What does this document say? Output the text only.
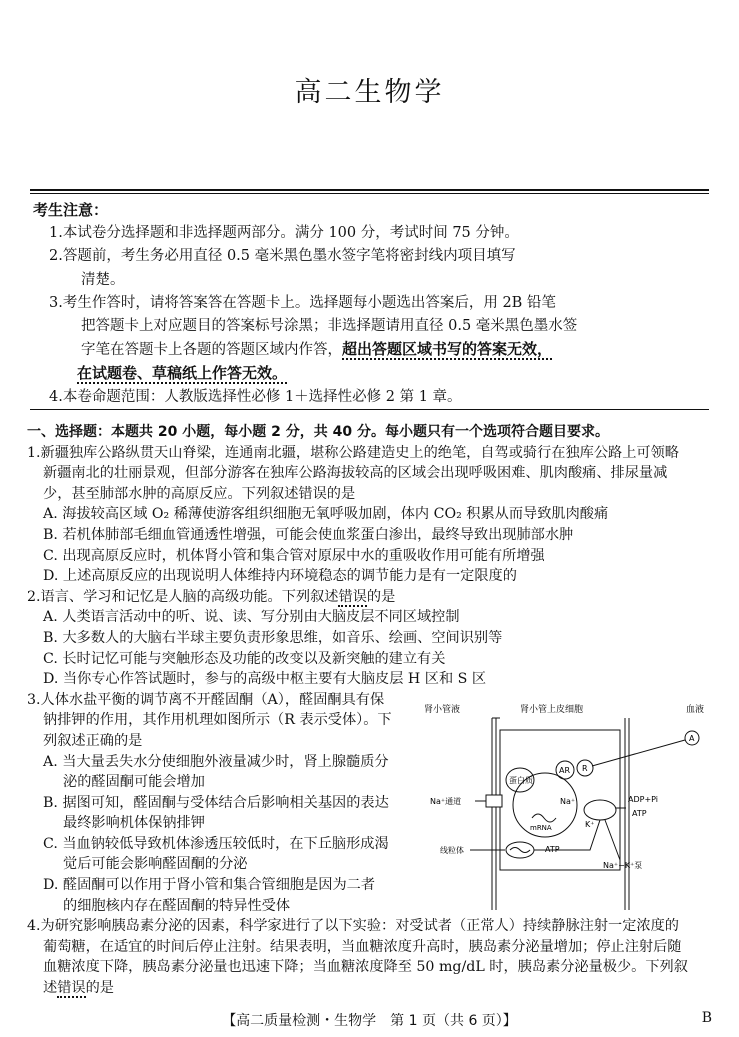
高二生物学
考生注意：
1.本试卷分选择题和非选择题两部分。满分 100 分，考试时间 75 分钟。
2.答题前，考生务必用直径 0.5 毫米黑色墨水签字笔将密封线内项目填写
清楚。
3.考生作答时，请将答案答在答题卡上。选择题每小题选出答案后，用 2B 铅笔
把答题卡上对应题目的答案标号涂黑；非选择题请用直径 0.5 毫米黑色墨水签
字笔在答题卡上各题的答题区域内作答，超出答题区域书写的答案无效，
在试题卷、草稿纸上作答无效。
4.本卷命题范围：人教版选择性必修 1＋选择性必修 2 第 1 章。
一、选择题：本题共 20 小题，每小题 2 分，共 40 分。每小题只有一个选项符合题目要求。
1.新疆独库公路纵贯天山脊梁，连通南北疆，堪称公路建造史上的绝笔，自驾或骑行在独库公路上可领略
新疆南北的壮丽景观，但部分游客在独库公路海拔较高的区域会出现呼吸困难、肌肉酸痛、排尿量减
少，甚至肺部水肿的高原反应。下列叙述错误的是
A. 海拔较高区域 O₂ 稀薄使游客组织细胞无氧呼吸加剧，体内 CO₂ 积累从而导致肌肉酸痛
B. 若机体肺部毛细血管通透性增强，可能会使血浆蛋白渗出，最终导致出现肺部水肿
C. 出现高原反应时，机体肾小管和集合管对原尿中水的重吸收作用可能有所增强
D. 上述高原反应的出现说明人体维持内环境稳态的调节能力是有一定限度的
2.语言、学习和记忆是人脑的高级功能。下列叙述错误的是
A. 人类语言活动中的听、说、读、写分别由大脑皮层不同区域控制
B. 大多数人的大脑右半球主要负责形象思维，如音乐、绘画、空间识别等
C. 长时记忆可能与突触形态及功能的改变以及新突触的建立有关
D. 当你专心作答试题时，参与的高级中枢主要有大脑皮层 H 区和 S 区
3.人体水盐平衡的调节离不开醛固酮（A），醛固酮具有保
钠排钾的作用，其作用机理如图所示（R 表示受体）。下
列叙述正确的是
A. 当大量丢失水分使细胞外液量减少时，肾上腺髓质分
泌的醛固酮可能会增加
B. 据图可知，醛固酮与受体结合后影响相关基因的表达
最终影响机体保钠排钾
C. 当血钠较低导致机体渗透压较低时，在下丘脑形成渴
觉后可能会影响醛固酮的分泌
D. 醛固酮可以作用于肾小管和集合管细胞是因为二者
的细胞核内存在醛固酮的特异性受体
4.为研究影响胰岛素分泌的因素，科学家进行了以下实验：对受试者（正常人）持续静脉注射一定浓度的
葡萄糖，在适宜的时间后停止注射。结果表明，当血糖浓度升高时，胰岛素分泌量增加；停止注射后随
血糖浓度下降，胰岛素分泌量也迅速下降；当血糖浓度降至 50 mg/dL 时，胰岛素分泌量极少。下列叙
述错误的是
肾小管液	肾小管上皮细胞	血液
蛋白质
mRNA
AR R
A
Na⁺通道	Na⁺
K⁺
ADP+Pi
ATP
线粒体	ATP
Na⁺−K⁺泵
【高二质量检测・生物学　第 1 页（共 6 页）】	B
